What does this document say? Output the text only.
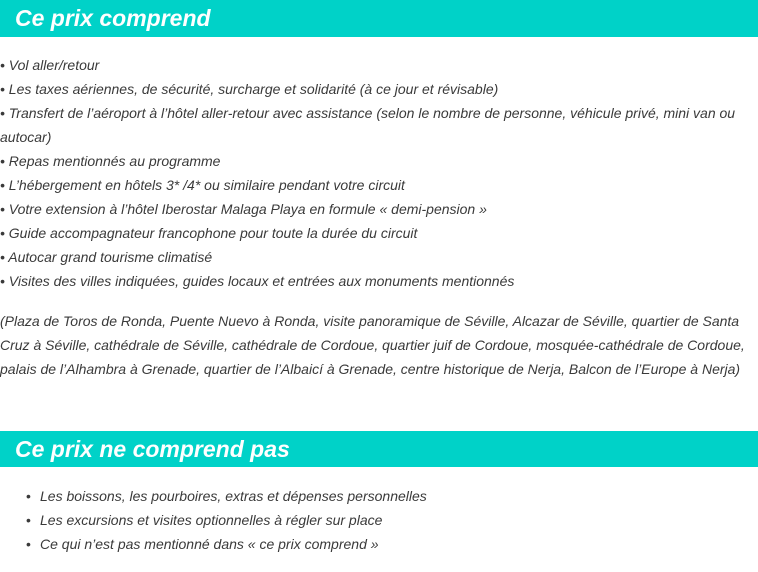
Ce prix comprend
• Vol aller/retour
• Les taxes aériennes, de sécurité, surcharge et solidarité (à ce jour et révisable)
• Transfert de l’aéroport à l’hôtel aller-retour avec assistance (selon le nombre de personne, véhicule privé, mini van ou autocar)
• Repas mentionnés au programme
• L’hébergement en hôtels 3* /4* ou similaire pendant votre circuit
• Votre extension à l’hôtel Iberostar Malaga Playa en formule « demi-pension »
• Guide accompagnateur francophone pour toute la durée du circuit
• Autocar grand tourisme climatisé
• Visites des villes indiquées, guides locaux et entrées aux monuments mentionnés

(Plaza de Toros de Ronda, Puente Nuevo à Ronda, visite panoramique de Séville, Alcazar de Séville, quartier de Santa Cruz à Séville, cathédrale de Séville, cathédrale de Cordoue, quartier juif de Cordoue, mosquée-cathédrale de Cordoue, palais de l’Alhambra à Grenade, quartier de l’Albaicí à Grenade, centre historique de Nerja, Balcon de l’Europe à Nerja)

Ce prix ne comprend pas
• Les boissons, les pourboires, extras et dépenses personnelles
• Les excursions et visites optionnelles à régler sur place
• Ce qui n’est pas mentionné dans « ce prix comprend »
